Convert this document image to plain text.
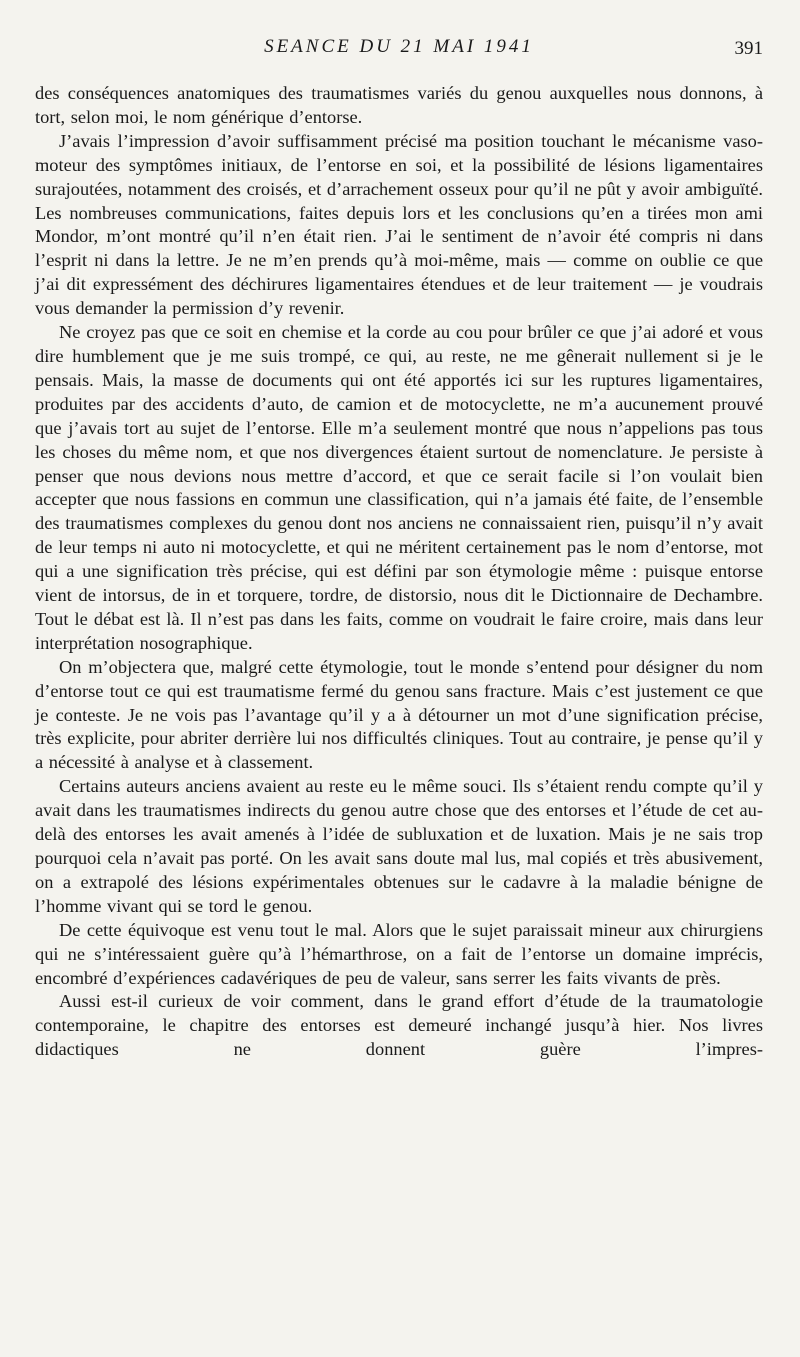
SEANCE DU 21 MAI 1941	391

des conséquences anatomiques des traumatismes variés du genou auxquelles nous donnons, à tort, selon moi, le nom générique d’entorse.

J’avais l’impression d’avoir suffisamment précisé ma position touchant le mécanisme vaso-moteur des symptômes initiaux, de l’entorse en soi, et la possibilité de lésions ligamentaires surajoutées, notamment des croisés, et d’arrachement osseux pour qu’il ne pût y avoir ambiguïté. Les nombreuses communications, faites depuis lors et les conclusions qu’en a tirées mon ami Mondor, m’ont montré qu’il n’en était rien. J’ai le sentiment de n’avoir été compris ni dans l’esprit ni dans la lettre. Je ne m’en prends qu’à moi-même, mais — comme on oublie ce que j’ai dit expressément des déchirures ligamentaires étendues et de leur traitement — je voudrais vous demander la permission d’y revenir.

Ne croyez pas que ce soit en chemise et la corde au cou pour brûler ce que j’ai adoré et vous dire humblement que je me suis trompé, ce qui, au reste, ne me gênerait nullement si je le pensais. Mais, la masse de documents qui ont été apportés ici sur les ruptures ligamentaires, produites par des accidents d’auto, de camion et de motocyclette, ne m’a aucunement prouvé que j’avais tort au sujet de l’entorse. Elle m’a seulement montré que nous n’appelions pas tous les choses du même nom, et que nos divergences étaient surtout de nomenclature. Je persiste à penser que nous devions nous mettre d’accord, et que ce serait facile si l’on voulait bien accepter que nous fassions en commun une classification, qui n’a jamais été faite, de l’ensemble des traumatismes complexes du genou dont nos anciens ne connaissaient rien, puisqu’il n’y avait de leur temps ni auto ni motocyclette, et qui ne méritent certainement pas le nom d’entorse, mot qui a une signification très précise, qui est défini par son étymologie même : puisque entorse vient de intorsus, de in et torquere, tordre, de distorsio, nous dit le Dictionnaire de Dechambre. Tout le débat est là. Il n’est pas dans les faits, comme on voudrait le faire croire, mais dans leur interprétation nosographique.

On m’objectera que, malgré cette étymologie, tout le monde s’entend pour désigner du nom d’entorse tout ce qui est traumatisme fermé du genou sans fracture. Mais c’est justement ce que je conteste. Je ne vois pas l’avantage qu’il y a à détourner un mot d’une signification précise, très explicite, pour abriter derrière lui nos difficultés cliniques. Tout au contraire, je pense qu’il y a nécessité à analyse et à classement.

Certains auteurs anciens avaient au reste eu le même souci. Ils s’étaient rendu compte qu’il y avait dans les traumatismes indirects du genou autre chose que des entorses et l’étude de cet au-delà des entorses les avait amenés à l’idée de subluxation et de luxation. Mais je ne sais trop pourquoi cela n’avait pas porté. On les avait sans doute mal lus, mal copiés et très abusivement, on a extrapolé des lésions expérimentales obtenues sur le cadavre à la maladie bénigne de l’homme vivant qui se tord le genou.

De cette équivoque est venu tout le mal. Alors que le sujet paraissait mineur aux chirurgiens qui ne s’intéressaient guère qu’à l’hémarthrose, on a fait de l’entorse un domaine imprécis, encombré d’expériences cadavériques de peu de valeur, sans serrer les faits vivants de près.

Aussi est-il curieux de voir comment, dans le grand effort d’étude de la traumatologie contemporaine, le chapitre des entorses est demeuré inchangé jusqu’à hier. Nos livres didactiques ne donnent guère l’impres-
